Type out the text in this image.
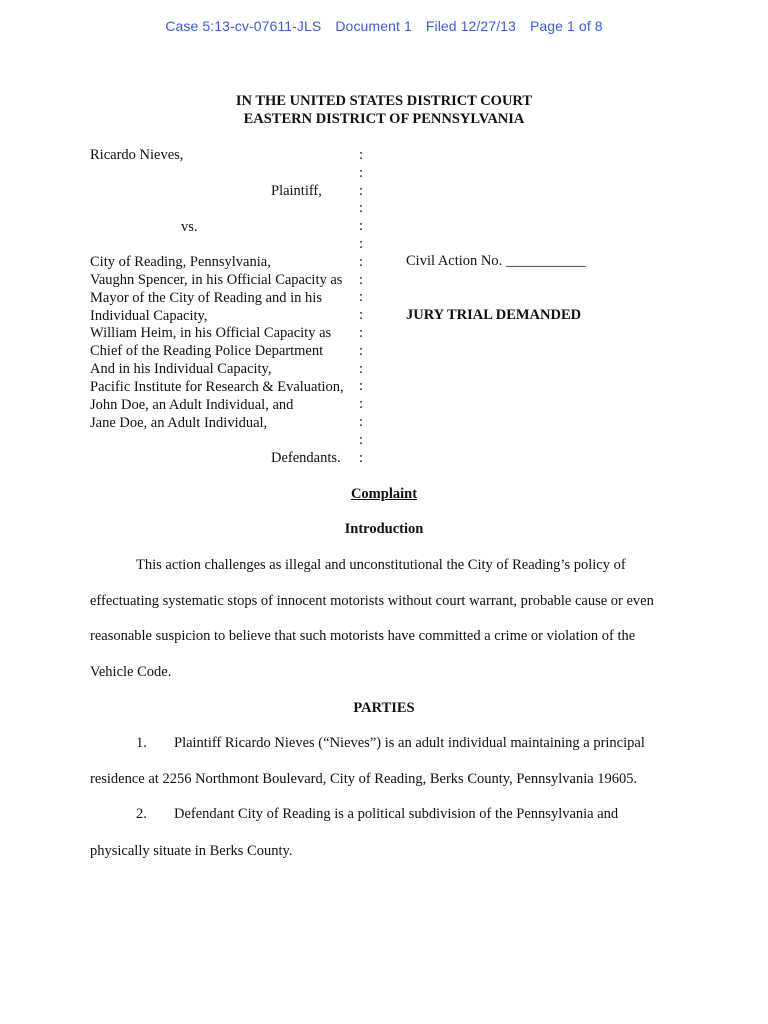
Case 5:13-cv-07611-JLS Document 1 Filed 12/27/13 Page 1 of 8
IN THE UNITED STATES DISTRICT COURT
EASTERN DISTRICT OF PENNSYLVANIA
Ricardo Nieves,
Plaintiff,
vs.
City of Reading, Pennsylvania,
Vaughn Spencer, in his Official Capacity as
Mayor of the City of Reading and in his
Individual Capacity,
William Heim, in his Official Capacity as
Chief of the Reading Police Department
And in his Individual Capacity,
Pacific Institute for Research & Evaluation,
John Doe, an Adult Individual, and
Jane Doe, an Adult Individual,
Defendants.
:
:
:
:
:
:
:
:
:
:
:
:
:
:
:
:
:
:
Civil Action No. ___________
JURY TRIAL DEMANDED
Complaint
Introduction
This action challenges as illegal and unconstitutional the City of Reading’s policy of
effectuating systematic stops of innocent motorists without court warrant, probable cause or even
reasonable suspicion to believe that such motorists have committed a crime or violation of the
Vehicle Code.
PARTIES
1. Plaintiff Ricardo Nieves (“Nieves”) is an adult individual maintaining a principal
residence at 2256 Northmont Boulevard, City of Reading, Berks County, Pennsylvania 19605.
2. Defendant City of Reading is a political subdivision of the Pennsylvania and
physically situate in Berks County.
